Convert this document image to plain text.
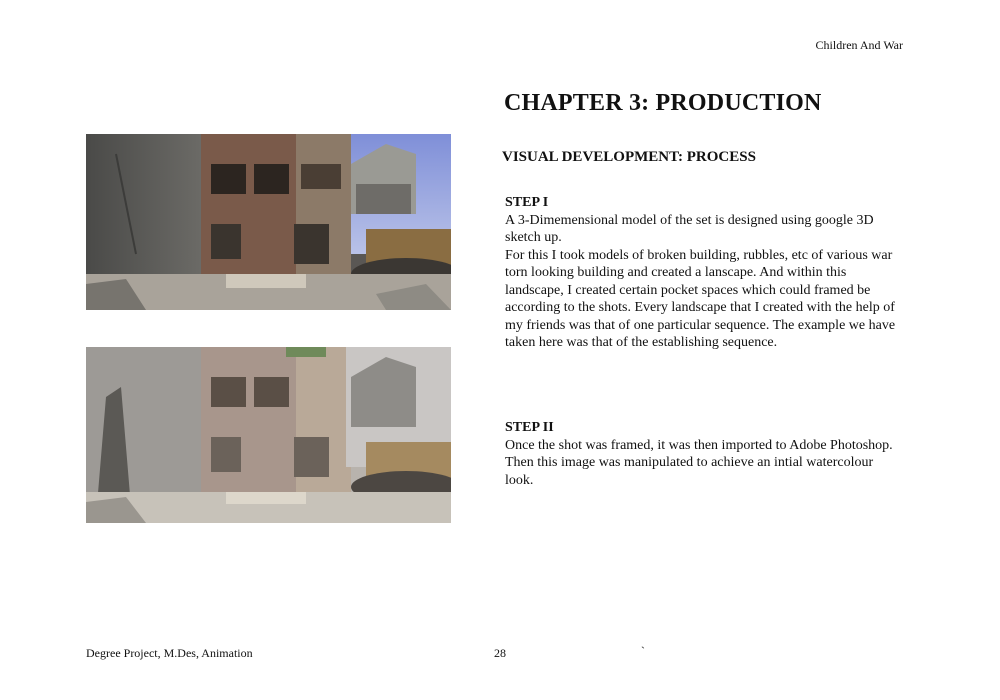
Children And War
CHAPTER 3: PRODUCTION
VISUAL DEVELOPMENT: PROCESS
STEP I

A 3-Dimemensional model of the set is designed using google 3D sketch up.

For this I took models of broken building, rubbles, etc of various war torn looking building and created a lanscape. And within this landscape, I created certain pocket spaces which could framed be according to the shots. Every landscape that I created with the help of my friends was that of one particular sequence. The example we have taken here was that of the establishing sequence.

STEP II

Once the shot was framed, it was then imported to Adobe Photoshop. Then this image was manipulated to achieve an intial watercolour look.

Degree Project, M.Des, Animation	28	`
